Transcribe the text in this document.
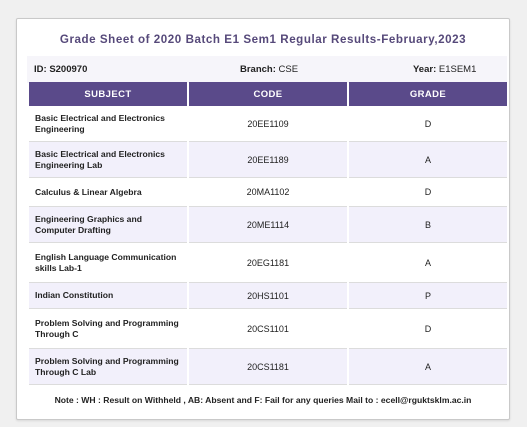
Grade Sheet of 2020 Batch E1 Sem1 Regular Results-February,2023
ID: S200970	Branch: CSE	Year: E1SEM1
SUBJECT	CODE	GRADE
Basic Electrical and Electronics Engineering	20EE1109	D
Basic Electrical and Electronics Engineering Lab	20EE1189	A
Calculus & Linear Algebra	20MA1102	D
Engineering Graphics and Computer Drafting	20ME1114	B
English Language Communication skills Lab-1	20EG1181	A
Indian Constitution	20HS1101	P
Problem Solving and Programming Through C	20CS1101	D
Problem Solving and Programming Through C Lab	20CS1181	A
Note : WH : Result on Withheld , AB: Absent and F: Fail for any queries Mail to : ecell@rguktsklm.ac.in
